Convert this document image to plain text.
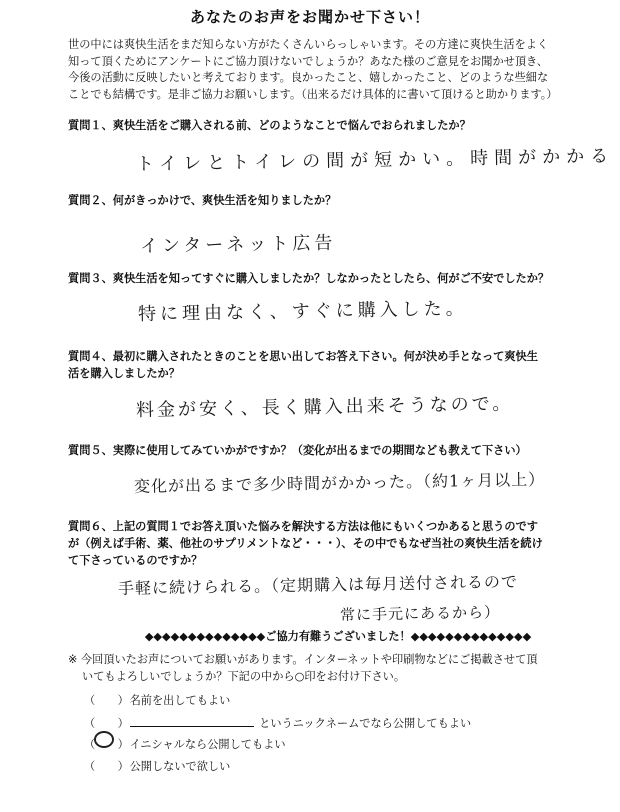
あなたのお声をお聞かせ下さい！
世の中には爽快生活をまだ知らない方がたくさんいらっしゃいます。その方達に爽快生活をよく
知って頂くためにアンケートにご協力頂けないでしょうか？あなた様のご意見をお聞かせ頂き、
今後の活動に反映したいと考えております。良かったこと、嬉しかったこと、どのような些細な
ことでも結構です。是非ご協力お願いします。（出来るだけ具体的に書いて頂けると助かります。）
質問１、爽快生活をご購入される前、どのようなことで悩んでおられましたか？
トイレとトイレの間が短かい。時間がかかる
質問２、何がきっかけで、爽快生活を知りましたか？
インターネット広告
質問３、爽快生活を知ってすぐに購入しましたか？しなかったとしたら、何がご不安でしたか？
特に理由なく、すぐに購入した。
質問４、最初に購入されたときのことを思い出してお答え下さい。何が決め手となって爽快生
活を購入しましたか？
料金が安く、長く購入出来そうなので。
質問５、実際に使用してみていかがですか？（変化が出るまでの期間なども教えて下さい）
変化が出るまで多少時間がかかった。（約1ヶ月以上）
質問６、上記の質問１でお答え頂いた悩みを解決する方法は他にもいくつかあると思うのです
が（例えば手術、薬、他社のサプリメントなど・・・）、その中でもなぜ当社の爽快生活を続け
て下さっているのですか？
手軽に続けられる。（定期購入は毎月送付されるので
常に手元にあるから）
◆◆◆◆◆◆◆◆◆◆◆◆◆◆ご協力有難うございました！◆◆◆◆◆◆◆◆◆◆◆◆◆◆
※ 今回頂いたお声についてお願いがあります。インターネットや印刷物などにご掲載させて頂
いてもよろしいでしょうか？下記の中から○印をお付け下さい。
（　　） 名前を出してもよい
（　　）	というニックネームでなら公開してもよい
（　　）
イニシャルなら公開してもよい
（　　） 公開しないで欲しい
